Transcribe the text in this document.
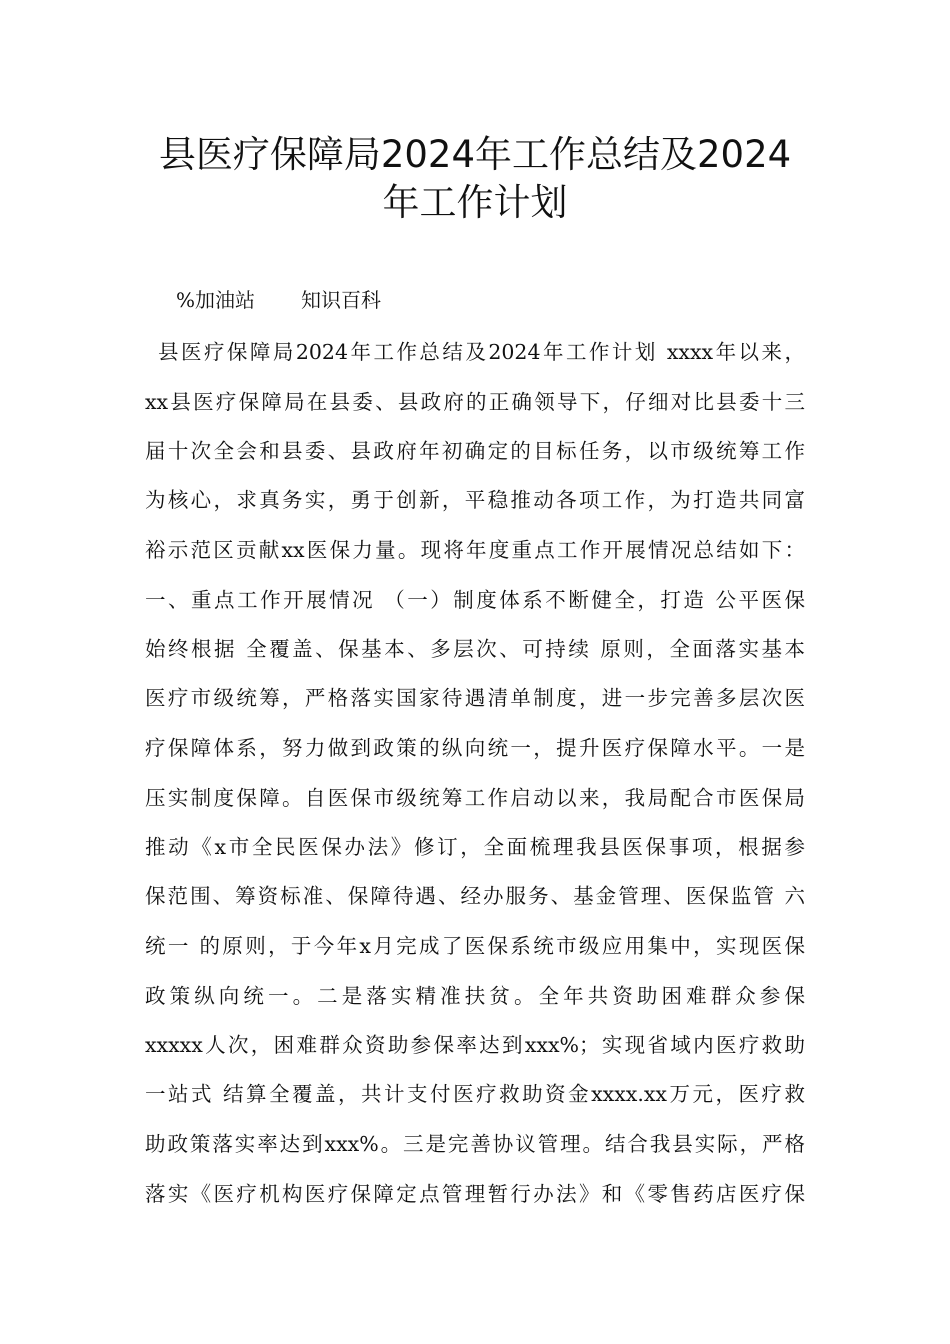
县医疗保障局2024年工作总结及2024
年工作计划
%加油站 知识百科
县医疗保障局2024年工作总结及2024年工作计划 xxxx年以来，
xx县医疗保障局在县委、县政府的正确领导下，仔细对比县委十三
届十次全会和县委、县政府年初确定的目标任务，以市级统筹工作
为核心，求真务实，勇于创新，平稳推动各项工作，为打造共同富
裕示范区贡献xx医保力量。现将年度重点工作开展情况总结如下：
一、重点工作开展情况 （一）制度体系不断健全，打造 公平医保
始终根据 全覆盖、保基本、多层次、可持续 原则，全面落实基本
医疗市级统筹，严格落实国家待遇清单制度，进一步完善多层次医
疗保障体系，努力做到政策的纵向统一，提升医疗保障水平。一是
压实制度保障。自医保市级统筹工作启动以来，我局配合市医保局
推动《x市全民医保办法》修订，全面梳理我县医保事项，根据参
保范围、筹资标准、保障待遇、经办服务、基金管理、医保监管 六
统一 的原则，于今年x月完成了医保系统市级应用集中，实现医保
政策纵向统一。二是落实精准扶贫。全年共资助困难群众参保
xxxxx人次，困难群众资助参保率达到xxx%；实现省域内医疗救助
一站式 结算全覆盖，共计支付医疗救助资金xxxx.xx万元，医疗救
助政策落实率达到xxx%。三是完善协议管理。结合我县实际，严格
落实《医疗机构医疗保障定点管理暂行办法》和《零售药店医疗保
